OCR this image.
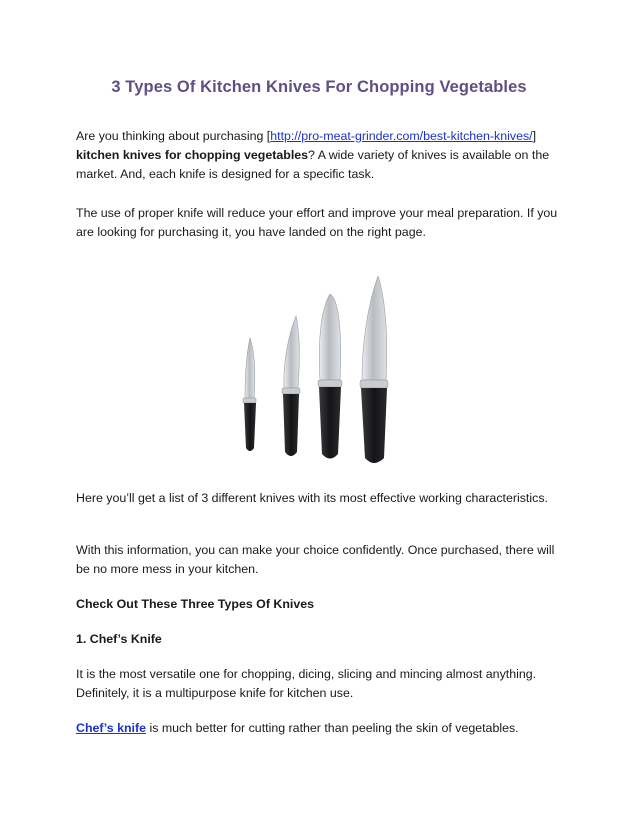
3 Types Of Kitchen Knives For Chopping Vegetables

Are you thinking about purchasing [http://pro-meat-grinder.com/best-kitchen-knives/] kitchen knives for chopping vegetables? A wide variety of knives is available on the market. And, each knife is designed for a specific task.

The use of proper knife will reduce your effort and improve your meal preparation. If you are looking for purchasing it, you have landed on the right page.

Here you’ll get a list of 3 different knives with its most effective working characteristics.

With this information, you can make your choice confidently. Once purchased, there will be no more mess in your kitchen.

Check Out These Three Types Of Knives

1. Chef’s Knife

It is the most versatile one for chopping, dicing, slicing and mincing almost anything. Definitely, it is a multipurpose knife for kitchen use.

Chef’s knife is much better for cutting rather than peeling the skin of vegetables.
